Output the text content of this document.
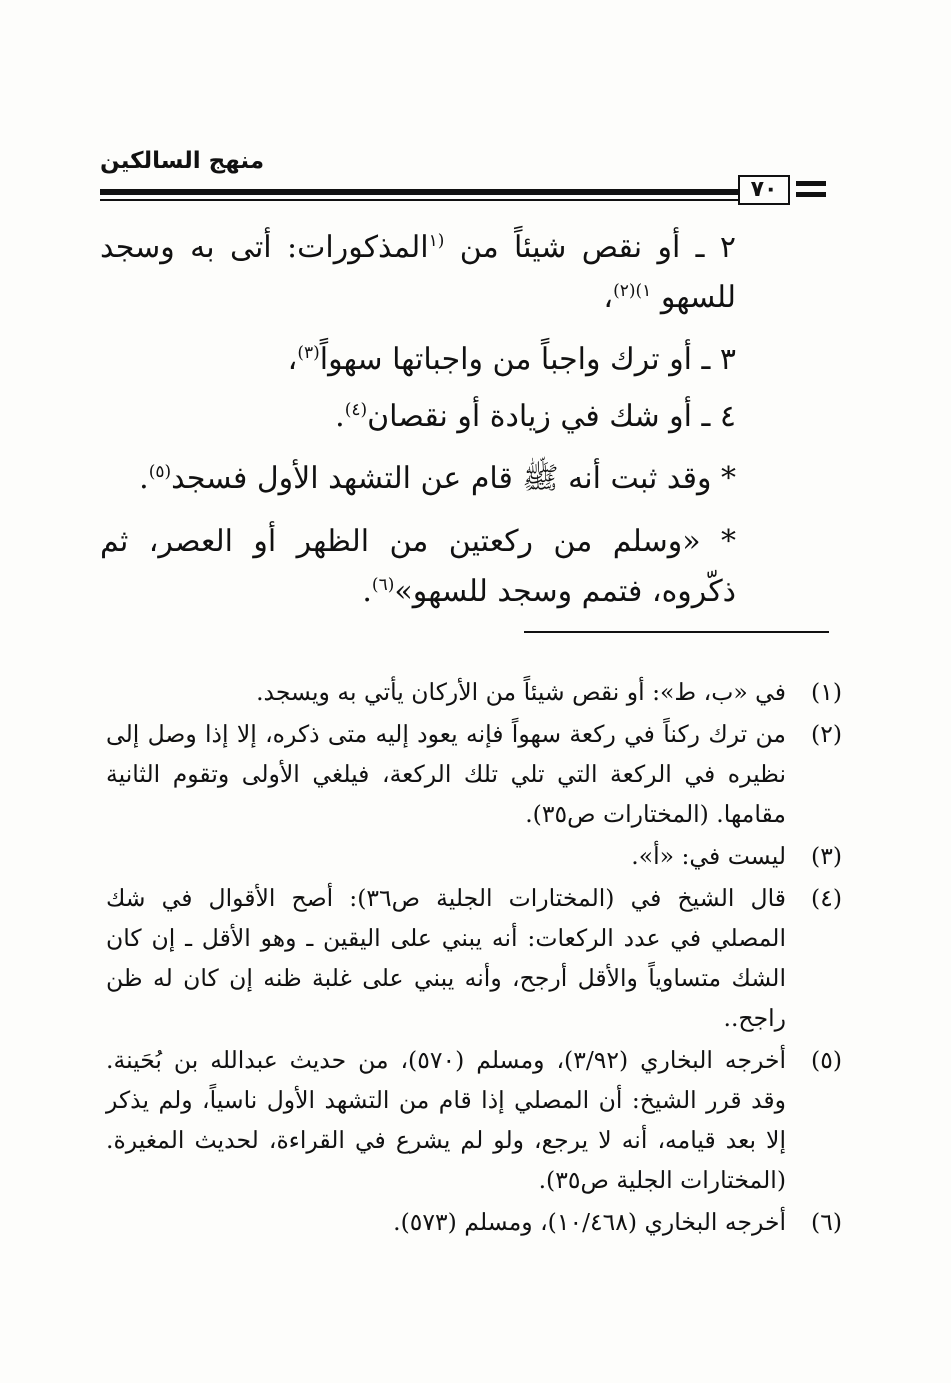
منهج السالكين
٧٠

٢ ـ أو نقص شيئاً من $^{(١}$المذكورات: أتى به وسجد للسهو $^{١)(٢)}$،

٣ ـ أو ترك واجباً من واجباتها سهواً$^{(٣)}$،

٤ ـ أو شك في زيادة أو نقصان$^{(٤)}$.

* وقد ثبت أنه ﷺ قام عن التشهد الأول فسجد$^{(٥)}$.

* «وسلم من ركعتين من الظهر أو العصر، ثم ذكّروه، فتمم وسجد للسهو»$^{(٦)}$.

(١)
في «ب، ط»: أو نقص شيئاً من الأركان يأتي به ويسجد.
(٢)
من ترك ركناً في ركعة سهواً فإنه يعود إليه متى ذكره، إلا إذا وصل إلى نظيره في الركعة التي تلي تلك الركعة، فيلغي الأولى وتقوم الثانية مقامها. (المختارات ص٣٥).
(٣)
ليست في: «أ».
(٤)
قال الشيخ في (المختارات الجلية ص٣٦): أصح الأقوال في شك المصلي في عدد الركعات: أنه يبني على اليقين ـ وهو الأقل ـ إن كان الشك متساوياً والأقل أرجح، وأنه يبني على غلبة ظنه إن كان له ظن راجح..
(٥)
أخرجه البخاري (٣/٩٢)، ومسلم (٥٧٠)، من حديث عبدالله بن بُحَينة. وقد قرر الشيخ: أن المصلي إذا قام من التشهد الأول ناسياً، ولم يذكر إلا بعد قيامه، أنه لا يرجع، ولو لم يشرع في القراءة، لحديث المغيرة. (المختارات الجلية ص٣٥).
(٦)
أخرجه البخاري (١٠/٤٦٨)، ومسلم (٥٧٣).
